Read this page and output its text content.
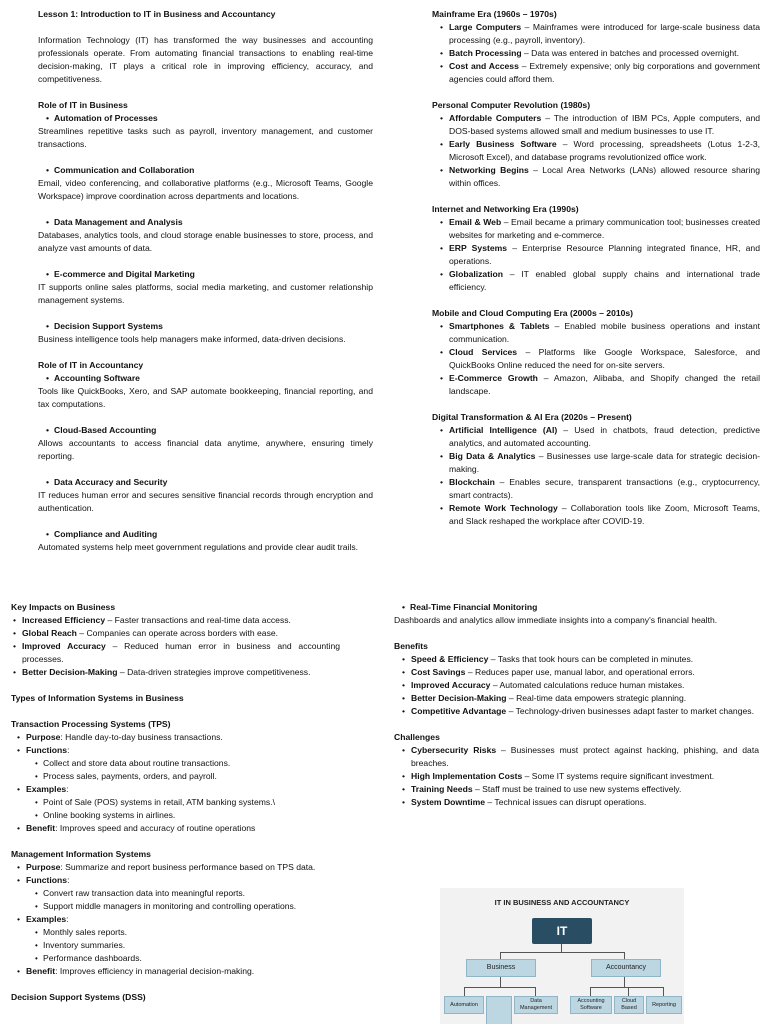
Lesson 1: Introduction to IT in Business and Accountancy

Information Technology (IT) has transformed the way businesses and accounting professionals operate. From automating financial transactions to enabling real-time decision-making, IT plays a critical role in improving efficiency, accuracy, and competitiveness.

Role of IT in Business
• Automation of Processes

Streamlines repetitive tasks such as payroll, inventory management, and customer transactions.

• Communication and Collaboration

Email, video conferencing, and collaborative platforms (e.g., Microsoft Teams, Google Workspace) improve coordination across departments and locations.

• Data Management and Analysis

Databases, analytics tools, and cloud storage enable businesses to store, process, and analyze vast amounts of data.

• E-commerce and Digital Marketing

IT supports online sales platforms, social media marketing, and customer relationship management systems.

• Decision Support Systems

Business intelligence tools help managers make informed, data-driven decisions.

Role of IT in Accountancy
• Accounting Software

Tools like QuickBooks, Xero, and SAP automate bookkeeping, financial reporting, and tax computations.

• Cloud-Based Accounting

Allows accountants to access financial data anytime, anywhere, ensuring timely reporting.

• Data Accuracy and Security

IT reduces human error and secures sensitive financial records through encryption and authentication.

• Compliance and Auditing

Automated systems help meet government regulations and provide clear audit trails.

Mainframe Era (1960s – 1970s)
• Large Computers – Mainframes were introduced for large-scale business data processing (e.g., payroll, inventory).
• Batch Processing – Data was entered in batches and processed overnight.
• Cost and Access – Extremely expensive; only big corporations and government agencies could afford them.
Personal Computer Revolution (1980s)
• Affordable Computers – The introduction of IBM PCs, Apple computers, and DOS-based systems allowed small and medium businesses to use IT.
• Early Business Software – Word processing, spreadsheets (Lotus 1-2-3, Microsoft Excel), and database programs revolutionized office work.
• Networking Begins – Local Area Networks (LANs) allowed resource sharing within offices.
Internet and Networking Era (1990s)
• Email & Web – Email became a primary communication tool; businesses created websites for marketing and e-commerce.
• ERP Systems – Enterprise Resource Planning integrated finance, HR, and operations.
• Globalization – IT enabled global supply chains and international trade efficiency.
Mobile and Cloud Computing Era (2000s – 2010s)
• Smartphones & Tablets – Enabled mobile business operations and instant communication.
• Cloud Services – Platforms like Google Workspace, Salesforce, and QuickBooks Online reduced the need for on-site servers.
• E-Commerce Growth – Amazon, Alibaba, and Shopify changed the retail landscape.
Digital Transformation & AI Era (2020s – Present)
• Artificial Intelligence (AI) – Used in chatbots, fraud detection, predictive analytics, and automated accounting.
• Big Data & Analytics – Businesses use large-scale data for strategic decision-making.
• Blockchain – Enables secure, transparent transactions (e.g., cryptocurrency, smart contracts).
• Remote Work Technology – Collaboration tools like Zoom, Microsoft Teams, and Slack reshaped the workplace after COVID-19.
Key Impacts on Business
• Increased Efficiency – Faster transactions and real-time data access.
• Global Reach – Companies can operate across borders with ease.
• Improved Accuracy – Reduced human error in business and accounting processes.
• Better Decision-Making – Data-driven strategies improve competitiveness.
Types of Information Systems in Business
Transaction Processing Systems (TPS)
• Purpose: Handle day-to-day business transactions.
• Functions:
• Collect and store data about routine transactions.
• Process sales, payments, orders, and payroll.
• Examples:
• Point of Sale (POS) systems in retail, ATM banking systems.\
• Online booking systems in airlines.
• Benefit: Improves speed and accuracy of routine operations
Management Information Systems
• Purpose: Summarize and report business performance based on TPS data.
• Functions:
• Convert raw transaction data into meaningful reports.
• Support middle managers in monitoring and controlling operations.
• Examples:
• Monthly sales reports.
• Inventory summaries.
• Performance dashboards.
• Benefit: Improves efficiency in managerial decision-making.
Decision Support Systems (DSS)
• Real-Time Financial Monitoring

Dashboards and analytics allow immediate insights into a company's financial health.

Benefits
• Speed & Efficiency – Tasks that took hours can be completed in minutes.
• Cost Savings – Reduces paper use, manual labor, and operational errors.
• Improved Accuracy – Automated calculations reduce human mistakes.
• Better Decision-Making – Real-time data empowers strategic planning.
• Competitive Advantage – Technology-driven businesses adapt faster to market changes.
Challenges
• Cybersecurity Risks – Businesses must protect against hacking, phishing, and data breaches.
• High Implementation Costs – Some IT systems require significant investment.
• Training Needs – Staff must be trained to use new systems effectively.
• System Downtime – Technical issues can disrupt operations.
IT IN BUSINESS AND ACCOUNTANCY
IT
Business	Accountancy
Automation
Data Management
Accounting Software
Cloud Based
Reporting
